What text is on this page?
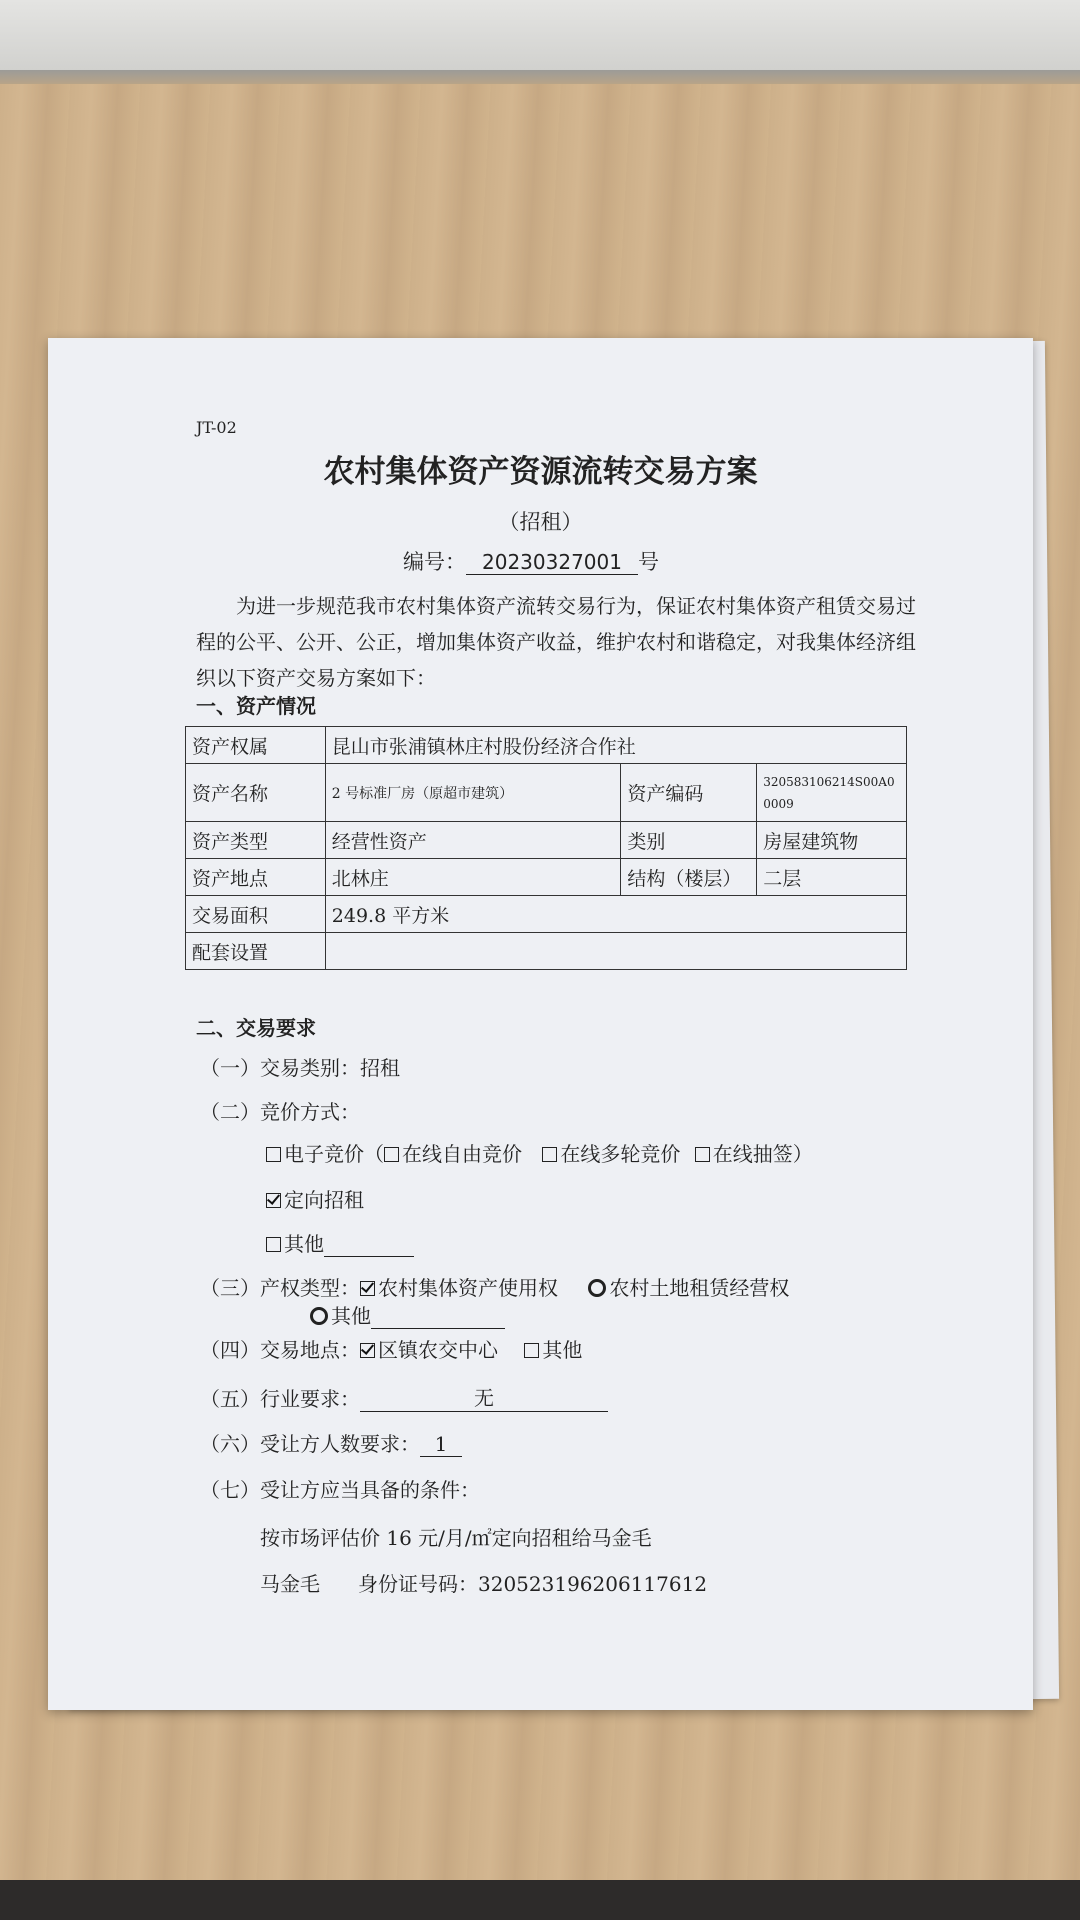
JT-02
农村集体资产资源流转交易方案
（招租）
编号： 20230327001 号
为进一步规范我市农村集体资产流转交易行为，保证农村集体资产租赁交易过程的公平、公开、公正，增加集体资产收益，维护农村和谐稳定，对我集体经济组织以下资产交易方案如下：
一、资产情况
资产权属	昆山市张浦镇林庄村股份经济合作社		
资产名称	2 号标准厂房（原超市建筑）	资产编码	320583106214S00A00009
资产类型	经营性资产	类别	房屋建筑物
资产地点	北林庄	结构（楼层）	二层
交易面积	249.8 平方米		
配套设置			
二、交易要求
（一）交易类别：招租
（二）竞价方式：
电子竞价（ 在线自由竞价 在线多轮竞价 在线抽签）
定向招租
其他
（三）产权类型： 农村集体资产使用权	农村土地租赁经营权
其他
（四）交易地点： 区镇农交中心 其他
（五）行业要求：	无
（六）受让方人数要求： 1
（七）受让方应当具备的条件：
按市场评估价 16 元/月/㎡定向招租给马金毛
马金毛 身份证号码：320523196206117612
